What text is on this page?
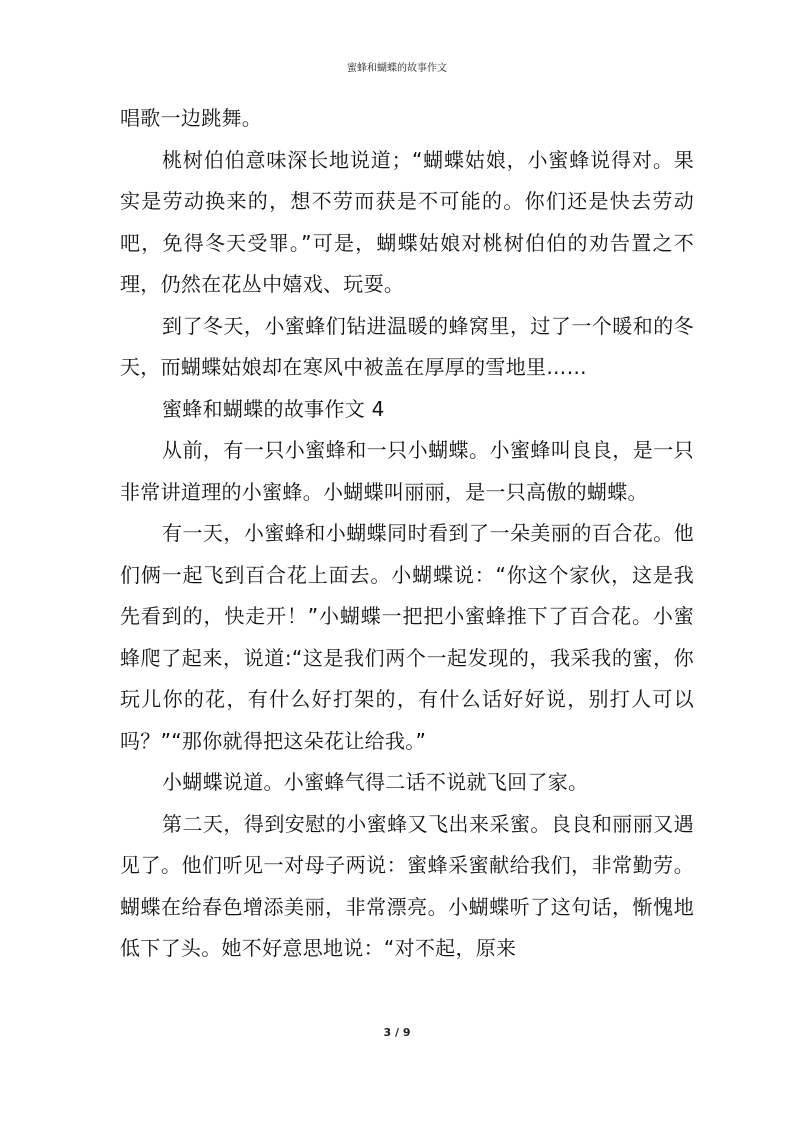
蜜蜂和蝴蝶的故事作文

唱歌一边跳舞。

桃树伯伯意味深长地说道；“蝴蝶姑娘，小蜜蜂说得对。果实是劳动换来的，想不劳而获是不可能的。你们还是快去劳动吧，免得冬天受罪。”可是，蝴蝶姑娘对桃树伯伯的劝告置之不理，仍然在花丛中嬉戏、玩耍。

到了冬天，小蜜蜂们钻进温暖的蜂窝里，过了一个暖和的冬天，而蝴蝶姑娘却在寒风中被盖在厚厚的雪地里……

蜜蜂和蝴蝶的故事作文 4

从前，有一只小蜜蜂和一只小蝴蝶。小蜜蜂叫良良，是一只非常讲道理的小蜜蜂。小蝴蝶叫丽丽，是一只高傲的蝴蝶。

有一天，小蜜蜂和小蝴蝶同时看到了一朵美丽的百合花。他们俩一起飞到百合花上面去。小蝴蝶说：“你这个家伙，这是我先看到的，快走开！”小蝴蝶一把把小蜜蜂推下了百合花。小蜜蜂爬了起来，说道:“这是我们两个一起发现的，我采我的蜜，你玩儿你的花，有什么好打架的，有什么话好好说，别打人可以吗？”“那你就得把这朵花让给我。”

小蝴蝶说道。小蜜蜂气得二话不说就飞回了家。

第二天，得到安慰的小蜜蜂又飞出来采蜜。良良和丽丽又遇见了。他们听见一对母子两说：蜜蜂采蜜献给我们，非常勤劳。蝴蝶在给春色增添美丽，非常漂亮。小蝴蝶听了这句话，惭愧地低下了头。她不好意思地说：“对不起，原来

3 / 9
